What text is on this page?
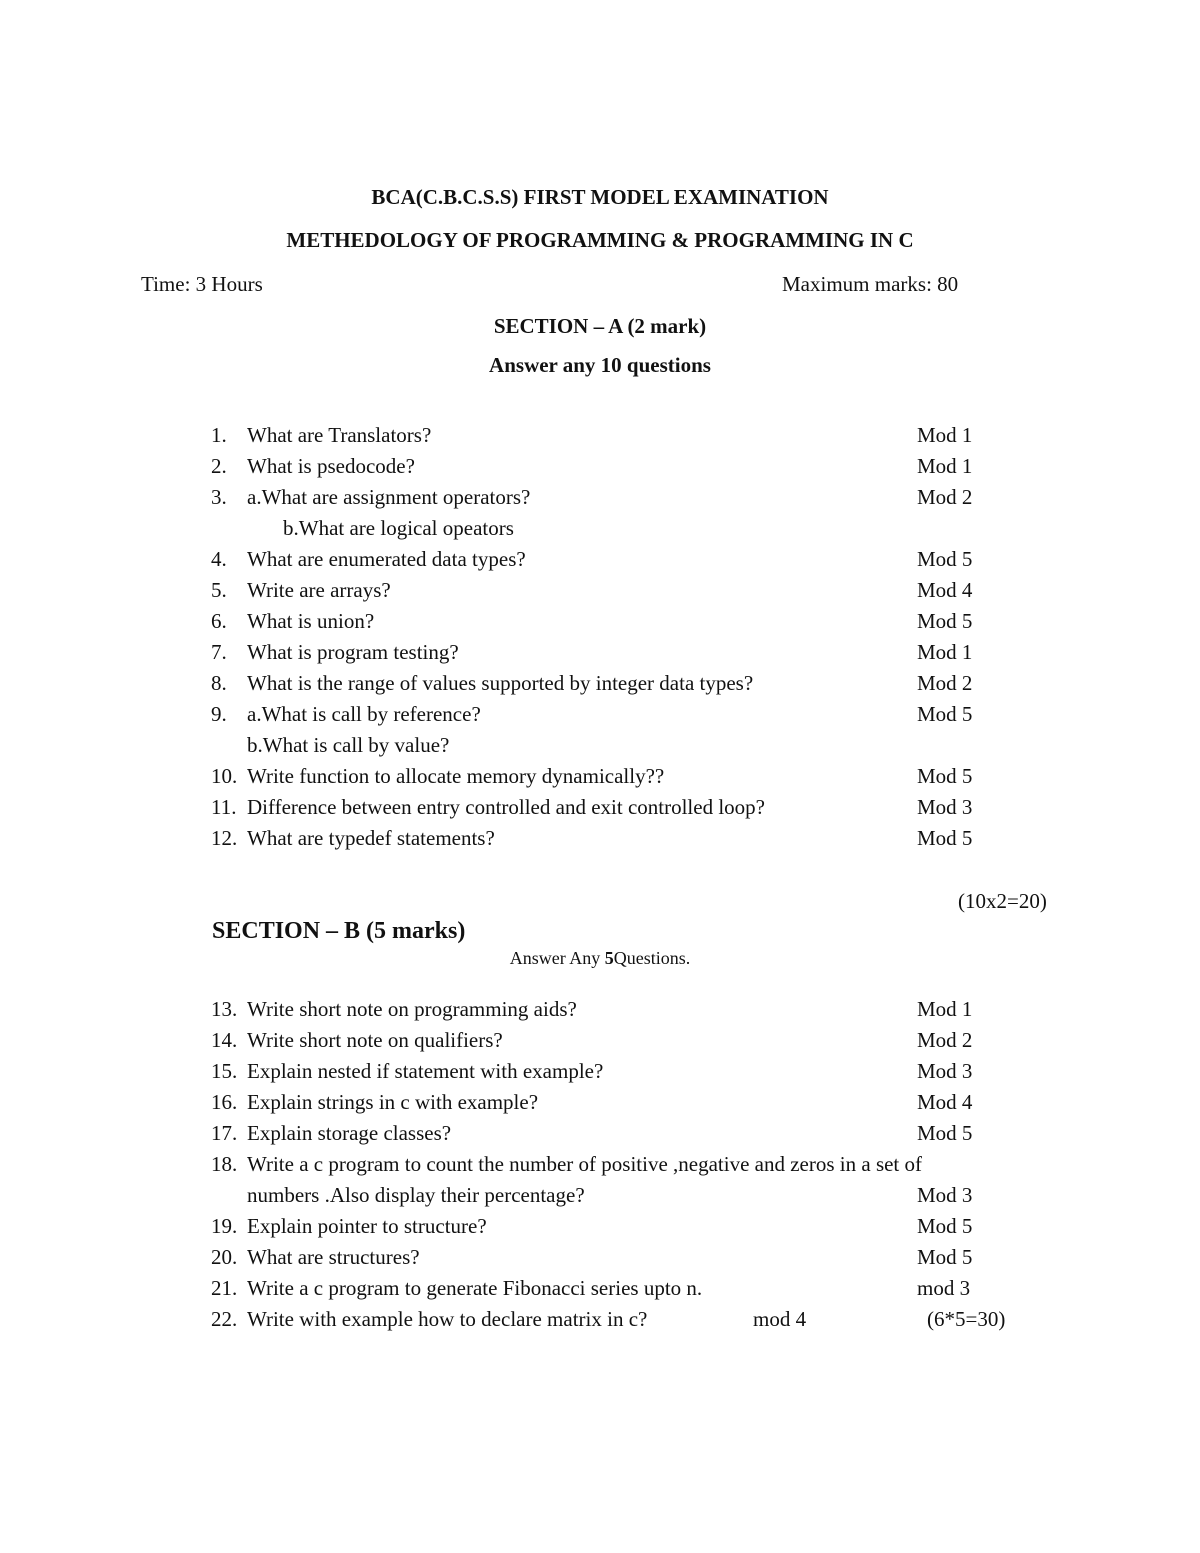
BCA(C.B.C.S.S) FIRST MODEL EXAMINATION
METHEDOLOGY OF PROGRAMMING & PROGRAMMING IN C
Time: 3 Hours	Maximum marks: 80
SECTION – A (2 mark)
Answer any 10 questions
1. What are Translators?	Mod 1
2. What is psedocode?	Mod 1
3. a.What are assignment operators?	Mod 2
b.What are logical opeators
4. What are enumerated data types?	Mod 5
5. Write are arrays?	Mod 4
6. What is union?	Mod 5
7. What is program testing?	Mod 1
8. What is the range of values supported by integer data types?	Mod 2
9. a.What is call by reference?	Mod 5
b.What is call by value?
10. Write function to allocate memory dynamically??	Mod 5
11. Difference between entry controlled and exit controlled loop?	Mod 3
12. What are typedef statements?	Mod 5
(10x2=20)
SECTION – B (5 marks)
Answer Any 5Questions.
13. Write short note on programming aids?	Mod 1
14. Write short note on qualifiers?	Mod 2
15. Explain nested if statement with example?	Mod 3
16. Explain strings in c with example?	Mod 4
17. Explain storage classes?	Mod 5
18. Write a c program to count the number of positive ,negative and zeros in a set of
numbers .Also display their percentage?	Mod 3
19. Explain pointer to structure?	Mod 5
20. What are structures?	Mod 5
21. Write a c program to generate Fibonacci series upto n.	mod 3
22. Write with example how to declare matrix in c?	mod 4	(6*5=30)
